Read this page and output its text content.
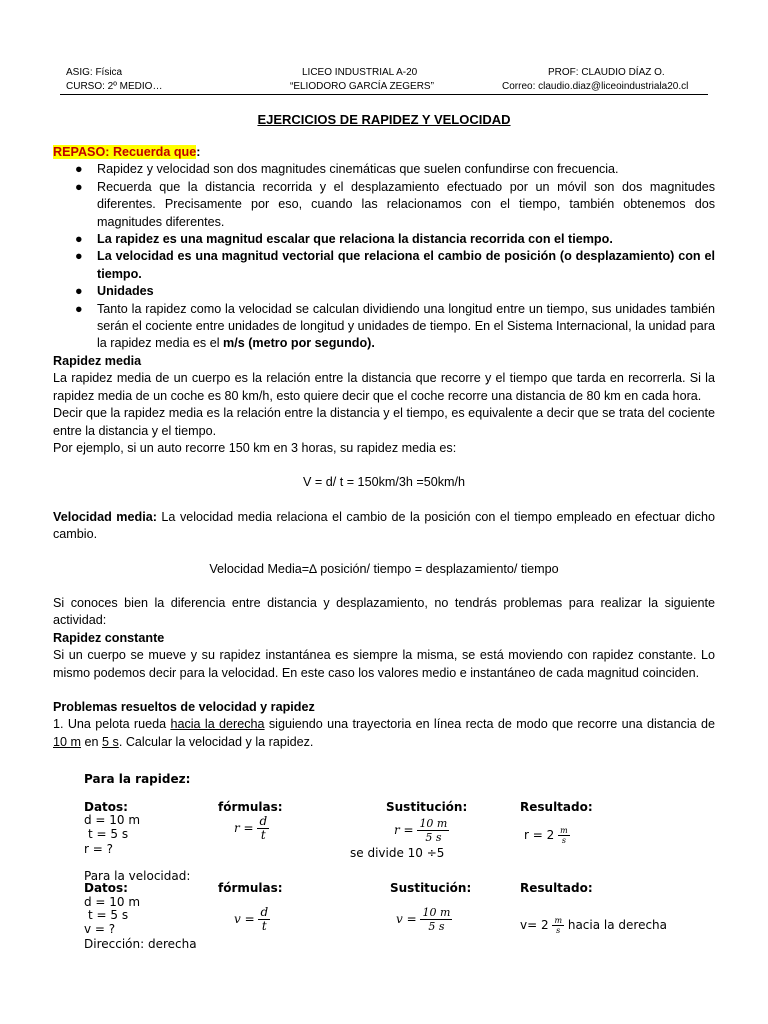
ASIG: Física
CURSO: 2º MEDIO…
LICEO INDUSTRIAL A-20
“ELIODORO GARCÍA ZEGERS”
PROF: CLAUDIO DÍAZ O.
Correo: claudio.diaz@liceoindustriala20.cl
EJERCICIOS DE RAPIDEZ Y VELOCIDAD

REPASO: Recuerda que:

● Rapidez y velocidad son dos magnitudes cinemáticas que suelen confundirse con frecuencia.
● Recuerda que la distancia recorrida y el desplazamiento efectuado por un móvil son dos magnitudes diferentes. Precisamente por eso, cuando las relacionamos con el tiempo, también obtenemos dos magnitudes diferentes.
● La rapidez es una magnitud escalar que relaciona la distancia recorrida con el tiempo.
● La velocidad es una magnitud vectorial que relaciona el cambio de posición (o desplazamiento) con el tiempo.
● Unidades
● Tanto la rapidez como la velocidad se calculan dividiendo una longitud entre un tiempo, sus unidades también serán el cociente entre unidades de longitud y unidades de tiempo. En el Sistema Internacional, la unidad para la rapidez media es el m/s (metro por segundo).

Rapidez media

La rapidez media de un cuerpo es la relación entre la distancia que recorre y el tiempo que tarda en recorrerla. Si la rapidez media de un coche es 80 km/h, esto quiere decir que el coche recorre una distancia de 80 km en cada hora.

Decir que la rapidez media es la relación entre la distancia y el tiempo, es equivalente a decir que se trata del cociente entre la distancia y el tiempo.

Por ejemplo, si un auto recorre 150 km en 3 horas, su rapidez media es:

V = d/ t = 150km/3h =50km/h

Velocidad media: La velocidad media relaciona el cambio de la posición con el tiempo empleado en efectuar dicho cambio.

Velocidad Media=∆ posición/ tiempo = desplazamiento/ tiempo

Si conoces bien la diferencia entre distancia y desplazamiento, no tendrás problemas para realizar la siguiente actividad:

Rapidez constante

Si un cuerpo se mueve y su rapidez instantánea es siempre la misma, se está moviendo con rapidez constante. Lo mismo podemos decir para la velocidad. En este caso los valores medio e instantáneo de cada magnitud coinciden.

Problemas resueltos de velocidad y rapidez

1. Una pelota rueda hacia la derecha siguiendo una trayectoria en línea recta de modo que recorre una distancia de 10 m en 5 s. Calcular la velocidad y la rapidez.

Para la rapidez:
Datos:	fórmulas:	Sustitución:	Resultado:
d = 10 m
t = 5 s
r = ?
$r = \frac{d}{t}$	$r = \frac{10 m}{5 s}$
se divide 10 ÷5
$r = 2 \frac{m}{s}$
Para la velocidad:
Datos:	fórmulas:	Sustitución:	Resultado:
d = 10 m
t = 5 s
v = ?
Dirección: derecha
$v = \frac{d}{t}$	$v = \frac{10 m}{5 s}$	$v= 2 \frac{m}{s}$ hacia la derecha
